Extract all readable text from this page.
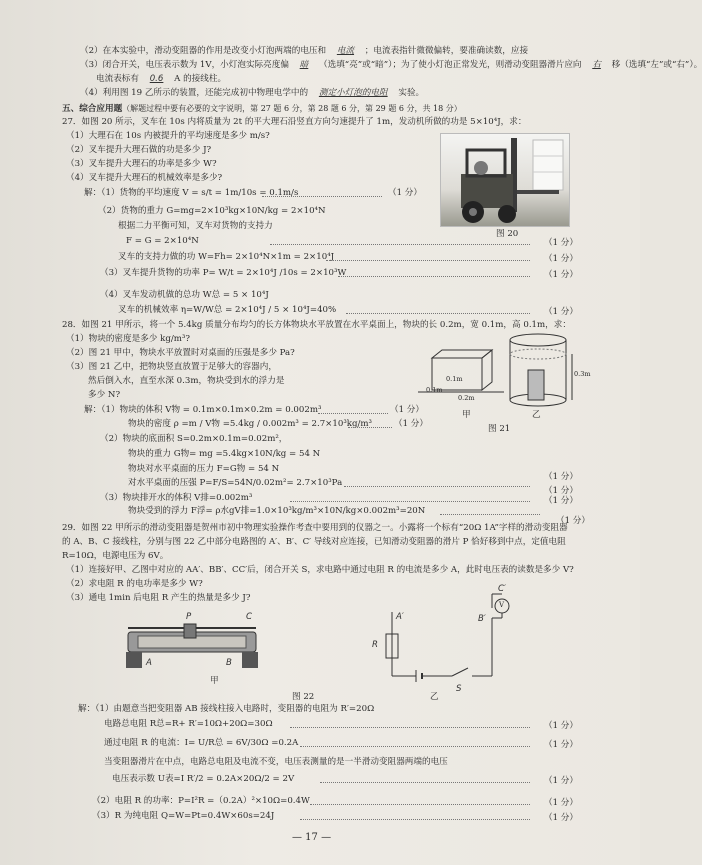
（2）在本实验中，滑动变阻器的作用是改变小灯泡两端的电压和 电流 ；电流表指针微微偏转，要准确读数，应接
（3）闭合开关，电压表示数为 1V，小灯泡实际亮度偏 暗 （选填“亮”或“暗”）；为了使小灯泡正常发光，则滑动变阻器滑片应向 右 移（选填“左”或“右”）。
电流表标有 0.6 A 的接线柱。
（4）利用图 19 乙所示的装置，还能完成初中物理电学中的 测定小灯泡的电阻 实验。
五、综合应用题（解题过程中要有必要的文字说明，第 27 题 6 分，第 28 题 6 分，第 29 题 6 分，共 18 分）
27．如图 20 所示，叉车在 10s 内将质量为 2t 的平大理石沿竖直方向匀速提升了 1m，发动机所做的功是 5×10⁴J，求：
（1）大理石在 10s 内被提升的平均速度是多少 m/s?
（2）叉车提升大理石做的功是多少 J?
（3）叉车提升大理石的功率是多少 W?
（4）叉车提升大理石的机械效率是多少?
图 20
解：（1）货物的平均速度 V = s/t = 1m/10s = 0.1m/s	（1 分）
（2）货物的重力 G=mg=2×10³kg×10N/kg = 2×10⁴N
根据二力平衡可知，叉车对货物的支持力
F = G = 2×10⁴N	（1 分）
叉车的支持力做的功 W=Fh= 2×10⁴N×1m = 2×10⁴J	（1 分）
（3）叉车提升货物的功率 P= W/t = 2×10⁴J /10s = 2×10³W	（1 分）
（4）叉车发动机做的总功 W总 = 5 × 10⁴J
叉车的机械效率 η=W/W总 = 2×10⁴J / 5 × 10⁴J=40%	（1 分）
28．如图 21 甲所示，将一个 5.4kg 质量分布均匀的长方体物块水平放置在水平桌面上，物块的长 0.2m，宽 0.1m，高 0.1m，求：
（1）物块的密度是多少 kg/m³?
（2）图 21 甲中，物块水平放置时对桌面的压强是多少 Pa?
（3）图 21 乙中，把物块竖直放置于足够大的容器内，
然后倒入水，直至水深 0.3m，物块受到水的浮力是
多少 N?
0.1m
0.2m
0.1m
0.3m
甲	乙
图 21
解：（1）物块的体积 V物 = 0.1m×0.1m×0.2m = 0.002m³	（1 分）
物块的密度 ρ =m / V物 =5.4kg / 0.002m³ = 2.7×10³kg/m³	（1 分）
（2）物块的底面积 S=0.2m×0.1m=0.02m²，
物块的重力 G物= mg =5.4kg×10N/kg = 54 N
物块对水平桌面的压力 F=G物 = 54 N
对水平桌面的压强 P=F/S=54N/0.02m²= 2.7×10³Pa
（1 分）
（1 分）
（3）物块排开水的体积 V排=0.002m³	（1 分）
物块受到的浮力 F浮= ρ水gV排=1.0×10³kg/m³×10N/kg×0.002m³=20N
（1 分）
29．如图 22 甲所示的滑动变阻器是贺州市初中物理实验操作考查中要用到的仪器之一。小露将一个标有“20Ω 1A”字样的滑动变阻器
的 A、B、C 接线柱，分别与图 22 乙中部分电路图的 A′、B′、C′ 导线对应连接，已知滑动变阻器的滑片 P 恰好移到中点，定值电阻
R=10Ω，电源电压为 6V。
（1）连接好甲、乙图中对应的 AA′、BB′、CC′后，闭合开关 S，求电路中通过电阻 R 的电流是多少 A，此时电压表的读数是多少 V?
（2）求电阻 R 的电功率是多少 W?
（3）通电 1min 后电阻 R 产生的热量是多少 J?
P	C
A	B
甲
C′
B′
A′
R
S
V
乙
图 22
解：（1）由题意当把变阻器 AB 接线柱接入电路时，变阻器的电阻为 R′=20Ω
电路总电阻 R总=R+ R′=10Ω+20Ω=30Ω	（1 分）
通过电阻 R 的电流：I= U/R总 = 6V/30Ω =0.2A	（1 分）
当变阻器滑片在中点，电路总电阻及电流不变，电压表测量的是一半滑动变阻器两端的电压
电压表示数 U表=I R′/2 = 0.2A×20Ω/2 = 2V	（1 分）
（2）电阻 R 的功率：P=I²R =（0.2A）²×10Ω=0.4W	（1 分）
（3）R 为纯电阻 Q=W=Pt=0.4W×60s=24J	（1 分）
— 17 —
